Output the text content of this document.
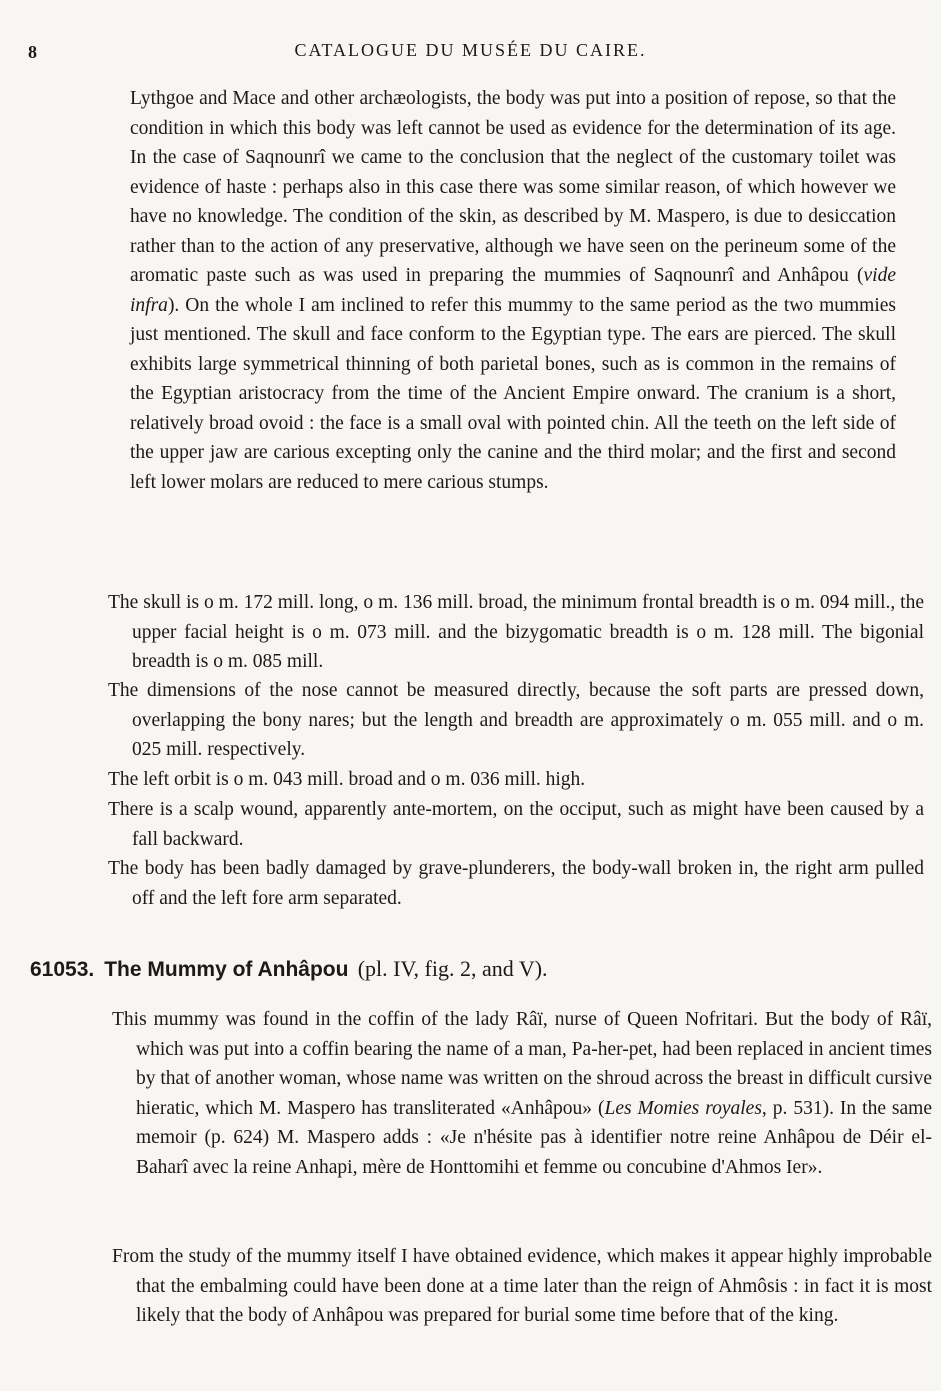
8	CATALOGUE DU MUSÉE DU CAIRE.

Lythgoe and Mace and other archæologists, the body was put into a position of repose, so that the condition in which this body was left cannot be used as evidence for the determination of its age. In the case of Saqnounrî we came to the conclusion that the neglect of the customary toilet was evidence of haste : perhaps also in this case there was some similar reason, of which however we have no knowledge. The condition of the skin, as described by M. Maspero, is due to desiccation rather than to the action of any preservative, although we have seen on the perineum some of the aromatic paste such as was used in preparing the mummies of Saqnounrî and Anhâpou (vide infra). On the whole I am inclined to refer this mummy to the same period as the two mummies just mentioned. The skull and face conform to the Egyptian type. The ears are pierced. The skull exhibits large symmetrical thinning of both parietal bones, such as is common in the remains of the Egyptian aristocracy from the time of the Ancient Empire onward. The cranium is a short, relatively broad ovoid : the face is a small oval with pointed chin. All the teeth on the left side of the upper jaw are carious excepting only the canine and the third molar; and the first and second left lower molars are reduced to mere carious stumps.

The skull is o m. 172 mill. long, o m. 136 mill. broad, the minimum frontal breadth is o m. 094 mill., the upper facial height is o m. 073 mill. and the bizygomatic breadth is o m. 128 mill. The bigonial breadth is o m. 085 mill.

The dimensions of the nose cannot be measured directly, because the soft parts are pressed down, overlapping the bony nares; but the length and breadth are approximately o m. 055 mill. and o m. 025 mill. respectively.

The left orbit is o m. 043 mill. broad and o m. 036 mill. high.

There is a scalp wound, apparently ante-mortem, on the occiput, such as might have been caused by a fall backward.

The body has been badly damaged by grave-plunderers, the body-wall broken in, the right arm pulled off and the left fore arm separated.

61053. The Mummy of Anhâpou (pl. IV, fig. 2, and V).

This mummy was found in the coffin of the lady Râï, nurse of Queen Nofritari. But the body of Râï, which was put into a coffin bearing the name of a man, Pa-her-pet, had been replaced in ancient times by that of another woman, whose name was written on the shroud across the breast in difficult cursive hieratic, which M. Maspero has transliterated «Anhâpou» (Les Momies royales, p. 531). In the same memoir (p. 624) M. Maspero adds : «Je n'hésite pas à identifier notre reine Anhâpou de Déir el-Baharî avec la reine Anhapi, mère de Honttomihi et femme ou concubine d'Ahmos Ier».

From the study of the mummy itself I have obtained evidence, which makes it appear highly improbable that the embalming could have been done at a time later than the reign of Ahmôsis : in fact it is most likely that the body of Anhâpou was prepared for burial some time before that of the king.
